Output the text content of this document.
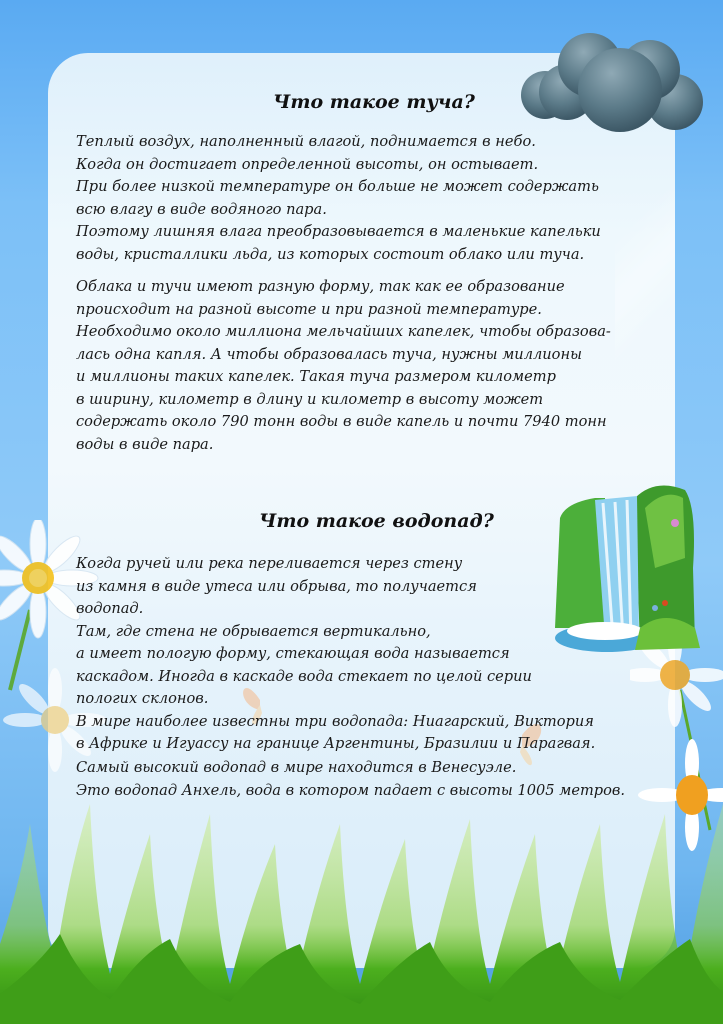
Что такое туча?
Теплый воздух, наполненный влагой, поднимается в небо.
Когда он достигает определенной высоты, он остывает.
При более низкой температуре он больше не может содержать
всю влагу в виде водяного пара.
Поэтому лишняя влага преобразовывается в маленькие капельки
воды, кристаллики льда, из которых состоит облако или туча.
Облака и тучи имеют разную форму, так как ее образование
происходит на разной высоте и при разной температуре.
Необходимо около миллиона мельчайших капелек, чтобы образова-
лась одна капля. А чтобы образовалась туча, нужны миллионы
и миллионы таких капелек. Такая туча размером километр
в ширину, километр в длину и километр в высоту может
содержать около 790 тонн воды в виде капель и почти 7940 тонн
воды в виде пара.
Что такое водопад?
Когда ручей или река переливается через стену
из камня в виде утеса или обрыва, то получается
водопад.
Там, где стена не обрывается вертикально,
а имеет пологую форму, стекающая вода называется
каскадом. Иногда в каскаде вода стекает по целой серии
пологих склонов.
В мире наиболее известны три водопада: Ниагарский, Виктория
в Африке и Игуассу на границе Аргентины, Бразилии и Парагвая.
Самый высокий водопад в мире находится в Венесуэле.
Это водопад Анхель, вода в котором падает с высоты 1005 метров.
